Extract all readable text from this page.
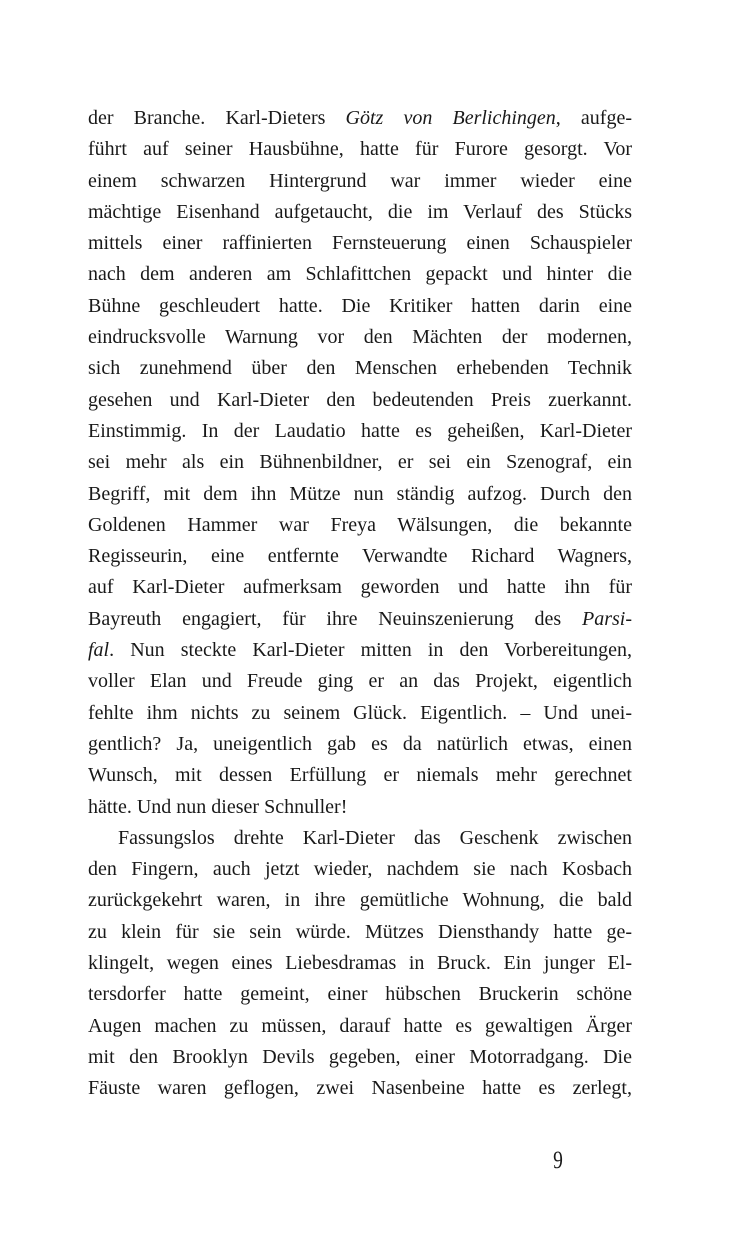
der Branche. Karl-Dieters Götz von Berlichingen, aufge-
führt auf seiner Hausbühne, hatte für Furore gesorgt. Vor
einem schwarzen Hintergrund war immer wieder eine
mächtige Eisenhand aufgetaucht, die im Verlauf des Stücks
mittels einer raffinierten Fernsteuerung einen Schauspieler
nach dem anderen am Schlafittchen gepackt und hinter die
Bühne geschleudert hatte. Die Kritiker hatten darin eine
eindrucksvolle Warnung vor den Mächten der modernen,
sich zunehmend über den Menschen erhebenden Technik
gesehen und Karl-Dieter den bedeutenden Preis zuerkannt.
Einstimmig. In der Laudatio hatte es geheißen, Karl-Dieter
sei mehr als ein Bühnenbildner, er sei ein Szenograf, ein
Begriff, mit dem ihn Mütze nun ständig aufzog. Durch den
Goldenen Hammer war Freya Wälsungen, die bekannte
Regisseurin, eine entfernte Verwandte Richard Wagners,
auf Karl-Dieter aufmerksam geworden und hatte ihn für
Bayreuth engagiert, für ihre Neuinszenierung des Parsi-
fal. Nun steckte Karl-Dieter mitten in den Vorbereitungen,
voller Elan und Freude ging er an das Projekt, eigentlich
fehlte ihm nichts zu seinem Glück. Eigentlich. – Und unei-
gentlich? Ja, uneigentlich gab es da natürlich etwas, einen
Wunsch, mit dessen Erfüllung er niemals mehr gerechnet
hätte. Und nun dieser Schnuller!
Fassungslos drehte Karl-Dieter das Geschenk zwischen
den Fingern, auch jetzt wieder, nachdem sie nach Kosbach
zurückgekehrt waren, in ihre gemütliche Wohnung, die bald
zu klein für sie sein würde. Mützes Diensthandy hatte ge-
klingelt, wegen eines Liebesdramas in Bruck. Ein junger El-
tersdorfer hatte gemeint, einer hübschen Bruckerin schöne
Augen machen zu müssen, darauf hatte es gewaltigen Ärger
mit den Brooklyn Devils gegeben, einer Motorradgang. Die
Fäuste waren geflogen, zwei Nasenbeine hatte es zerlegt,
9
